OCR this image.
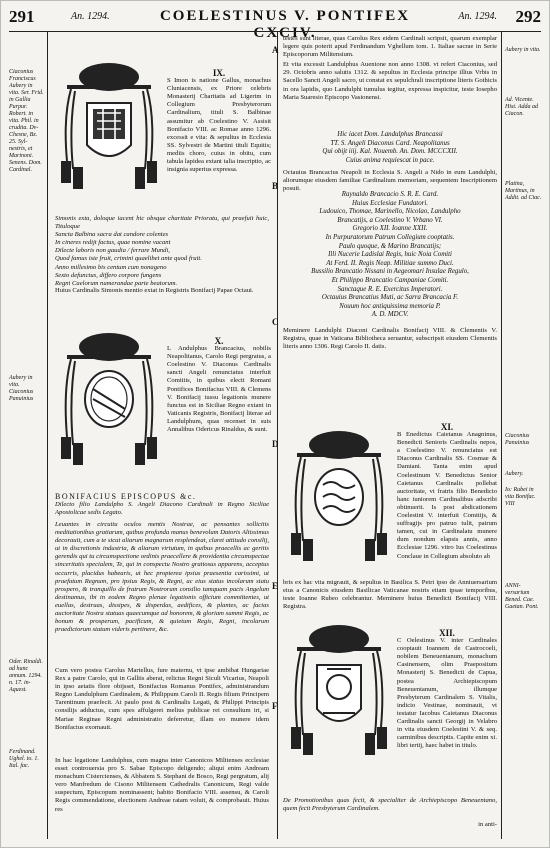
291	An. 1294.	COELESTINUS V. PONTIFEX CXCIV.
An. 1294. 292
Ciaconius Franciscus Aubery in vita. Ser. Frid. in Gallia Purpur. Robert. in vita. Phil. in crudita. Dv-Chesne, Bz. 25. Syl-nestris, et Marinoni. Senens. Dom. Cardinal.
Aubery in vita. Ciaconius Panuinius
Oder. Rinaldi. ad hunc annum. 1294. n. 17. in-Aquest.
Ferdinand. Ughel. to. 1. Ital. fac.
Aubery in vita.
Ad. Vicente. Hist. Adda ad Ciacon.
Platina, Martinus, in Addit. ad Ciac.
Ciaconius Panuinius
Aubery.
Io: Rubei in vita Bonifac. VIII
ANNI- versarium Bened. Cae. Gaetan. Pont.
A
B
C
D
E
F
IX.
S Imon is natione Gallus, monachus Cluniacensis, ex Priore celebris Monasterij Charitatis ad Ligerim in Collegium Presbyterorum Cardinalium, tituli S. Balbinae assumitur ab Coelestino V. Assisit Bonifacio VIII. ac Romae anno 1296. excessit e vita: & sepultus in Ecclesia SS. Sylvestri de Martini tituli Equitis; mediis choro, cuius in obitu, cum tabula lapidea extant talia inscriptio, ac insignia superius expressa.
Simonis exta, doloque iacent hic obsque charitate Prioratu, qui praefuit huic, Tituloque
Sancta Balbina sacra dat candore colentes
In cineres redijt factus, quae nomine vacant
Dilecte laboris non gaudia / ferrare Mundi,
Quod famus iste fruit, crimini quaelibet ante quod fruit.
Anno millesimo bis centum cum nonageno
Sexto defunctus, differo corpore fungens
Regni Caelorum numerandae parte beatorum.
Huius Cardinalis Simonis mentio extat in Registris Bonifacij Papae Octaui.
X.
L Andulphus Brancacius, nobilis Neapolitanus, Carolo Regi pergratus, a Coelestino V. Diaconus Cardinalis sancti Angeli renunciatus interfuit Comitiis, in quibus electi Romani Pontifices Bonifacius VIII. & Clemens V. Bonifacij iussu legationis munere functus est in Siciliae Regno extant in Vaticanis Registris, Bonifacij literae ad Landulphum, quas recenset in suis Annalibus Odericus Rinaldus, & sunt.
BONIFACIUS EPISCOPUS &c.
Dilecto filio Landulpho S. Angeli Diacono Cardinali in Regno Siciliae Apostolicae sedis Legato.
Leuantes in circuitu oculos mentis Nostrae, ac pensantes sollicitis meditationibus gratiarum, quibus profunda manus benevolum Datoris Altissimus decorauit, cum a te sicut aliarum magnarum resplendeat, claret attitudo consilij, ut in discretionis industria, & aliarum virtutum, in quibus praecellis ac geritis gerendis qui tu circumspectione ordinis praecellere & providentia circumspectae sinceritatis specialem, Te, qui in conspectu Nostro gratiosus apparens, acceptus occurris, placidus habearis, ut hec propterea ipsius praesentia carissimi, ut praefatum Regnum, pro ipsius Regis, & Regni, ac eius status incolarum statu prospero, & tranquillo de fratrum Nostrorum consilio tamquam pacis Angelum destinamus, ibi in eodem Regno plenae legationis officium committentes, ut euellas, destruas, dissipes, & disperdas, aedifices, & plantes, ac facias auctoritate Nostra statuas quaecumque ad honorem, & gloriam summi Regis, ac bonum & prosperum, pacificum, & quietum Regis, Regni, incolarum praedictorum statum videris pertinere, &c.
Cum vero postea Carolus Martellus, fure maternu, vt ipse ambibat Hungariae Rex a patre Carolo, qui in Galliis aberat, relictus Regni Siculi Vicarius, Neapoli in ipso aetatis flore obijsset, Bonifacius Romanus Pontifex, administrandum Regno Landulphum Cardinalem, & Philippum Caroli II. Regis filium Principem Tarentinum praefecit. At paulo post & Cardinalis Legati, & Philippi Principis consilijs adductus, cum spes affulgeret melius publicae rei consultum iri, si Mariae Reginae Regni administratio deferretur, illam eo munere idem Bonifacius exornauit.
In hac legatione Landulphus, cum magna inter Canonicos Militenses ecclesiae esset controuersia pro S. Sabae Episcopo deligendo; aliqui enim Andream monachum Cistercienses, & Abbatem S. Stephani de Bosco, Regi pergratum, alij vero Manfredum de Cisono Militensem Cathedralis Canonicum, Regi valde suspectum, Episcopum nominassent; habito Bonifacio VIII. assensu, & Caroli Regis commendatione, electionem Andreae ratam voluit, & comprobauit. Huius res

testes sunt literae, quas Carolus Rex eidem Cardinali scripsit, quarum exemplar legere quis poterit apud Ferdinandum Vghellum tom. 1. Italiae sacrae in Serie Episcoporum Militensium.

Et vita excessit Landulphus Auenione non anno 1308. vt refert Ciaconius, sed 29. Octobris anno salutis 1312. & sepultus in Ecclesia principe illius Vrbis in Sacello Sancti Angeli sacro, ut constat ex sepulchrali inscriptione literis Gothicis in ora lapidis, quo Landulphi tumulus tegitur, expressa inspicitur, teste Iosepho Maria Suaresio Episcopo Vasionensi.

Hic iacet Dom. Landulphus Brancassi
TT. S. Angeli Diaconus Card. Neapolitanus
Qui obijt iiij. Kal. Nouemb. An. Dom. MCCCXII.
Cuius anima requiescat in pace.
Octauius Brancacius Neapoli in Ecclesia S. Angeli a Nido in eum Landulphi, aliorumque eiusdem familiae Cardinalium memoriam, sequentem Inscriptionem posuit.
Raynaldo Brancacio S. R. E. Card.
Huius Ecclesiae Fundatori.
Ludouico, Thomae, Marinello, Nicolao, Landulpho
Brancatijs, a Coelestino V. Vrbano VI.
Gregorio XII. Ioanne XXII.
In Purpuratorum Patrum Collegium cooptatis.
Paulo quoque, & Marino Brancatijs;
Illi Nucerie Ladislai Regis, huic Noia Comiti
At Ferd. II. Regis Neap. Militiae summo Duci.
Bussilio Brancatio Nissani in Aegeomari Insulae Regulo,
Et Philippo Brancatio Campaniae Comiti.
Sanctaque R. E. Exercitus Imperatori.
Octauius Brancatius Muti, ac Sarra Brancacia F.
Nouum hoc antiquissima memoria P.
A. D. MDCV.
Meminere Landulphi Diaconi Cardinalis Bonifacij VIII. & Clementis V. Registra, quae in Vaticana Bibliotheca seruantur, subscripsit eiusdem Clementis literis anno 1306. Regi Carolo II. datis.
XI.
B Enedictus Caietanus Anagninus, Benedicti Senioris Cardinalis nepos, a Coelestino V. renunciatus est Diaconus Cardinalis SS. Cosmae & Damiani. Tanta enim apud Coelestinum V. Benedictus Senior Caietanus Cardinalis pollebat auctoritate, vt fratris filio Benedicto hanc iuniorem Cardinalibus adscribi obtinuerit. Is post abdicationem Coelestini V. interfuit Comitijs, & suffragijs pro patruo tulit, patrum tamen, cui in Cardinalatu munere dum nondum elapsis annis, anno Ecclesiae 1296. vitro Ius Coelestinus Conclaue in Collegium absoluto ab
bris ex hac vita migrauit, & sepultus in Basilica S. Petri ipso de Anniuersarium eius a Canonicis eiusdem Basilicae Vaticanae nostris etiam ipsae temporibus, teste Ioanne Rubeo celebrantur. Meminere huius Benedicti Bonifacij VIII. Registra.
XII.
C Oelestinus V. inter Cardinales cooptauit Ioannem de Castrocoeli, nobilem Beneuentanum, monachum Casinensem, olim Praepositum Monasterij S. Benedicti de Capua, postea Archiepiscopum Beneuentanum, illumque Presbyterum Cardinalem S. Vitalis, indicio Vestinae, nominauit, vt testatur Iacobus Caietanus Diaconus Cardinalis sancti Georgij in Velabro in vita eiusdem Coelestini V. & seq. carminibus descriptis. Capite enim xi. libri tertij, haec habet in titulo.
De Promotionibus quas fecit, & specialiter de Archiepiscopo Beneuentano, quem fecit Presbyterum Cardinalem.
in anti-
